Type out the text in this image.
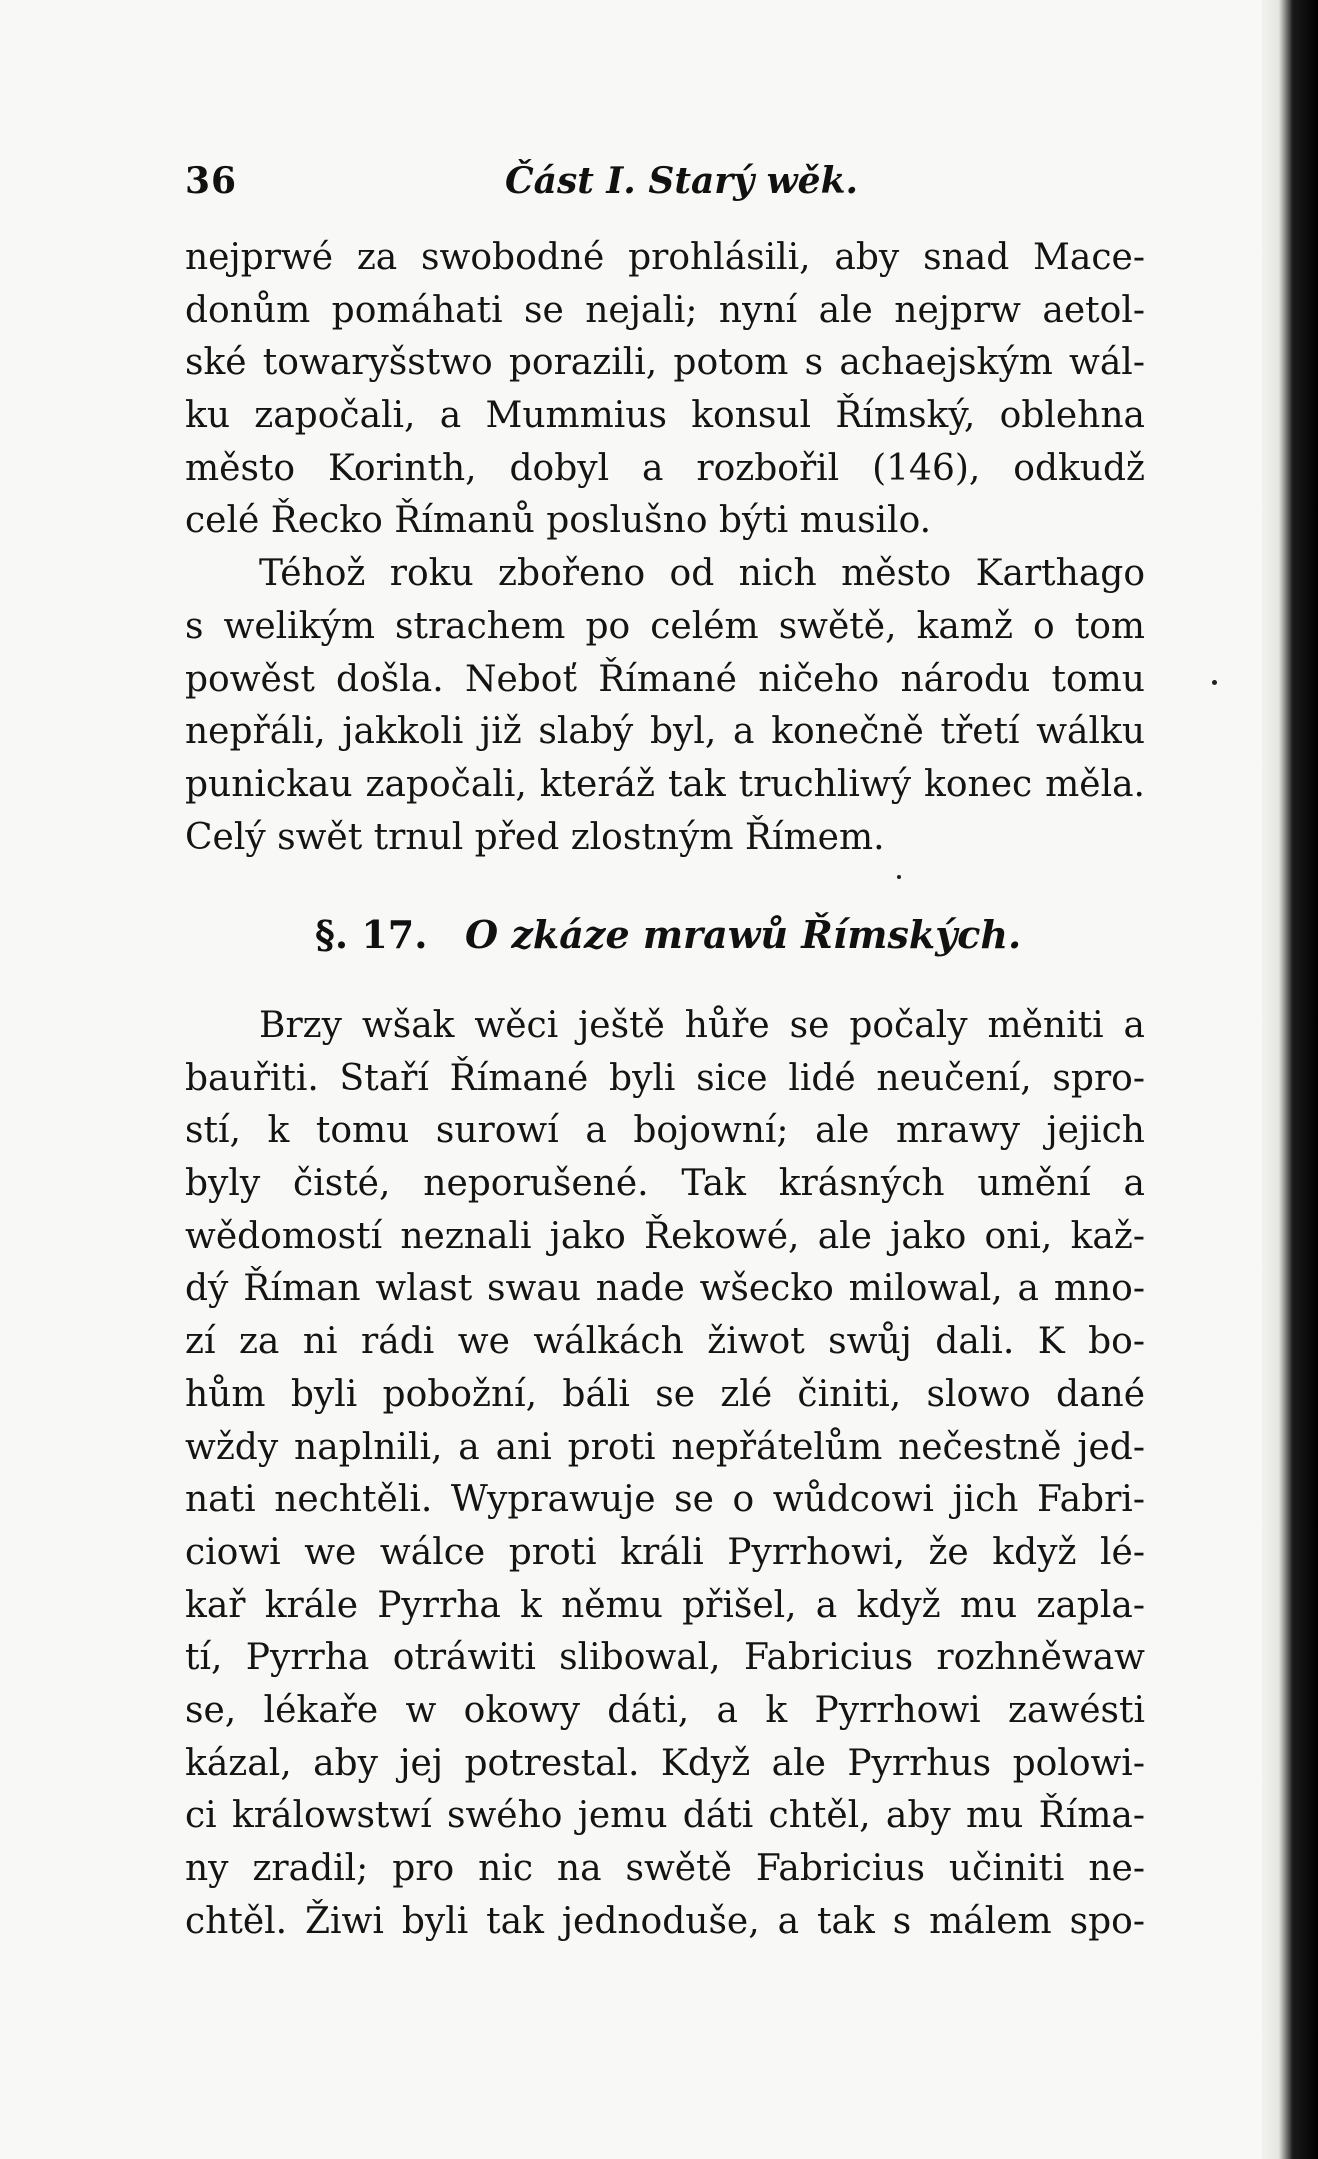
36	Část I. Starý wěk.
nejprwé za swobodné prohlásili, aby snad Mace-
donům pomáhati se nejali; nyní ale nejprw aetol-
ské towaryšstwo porazili, potom s achaejským wál-
ku započali, a Mummius konsul Římský, oblehna
město Korinth, dobyl a rozbořil (146), odkudž
celé Řecko Římanů poslušno býti musilo.
Téhož roku zbořeno od nich město Karthago
s welikým strachem po celém swětě, kamž o tom
powěst došla. Neboť Římané ničeho národu tomu
nepřáli, jakkoli již slabý byl, a konečně třetí wálku
punickau započali, kteráž tak truchliwý konec měla.
Celý swět trnul před zlostným Římem.
§. 17. O zkáze mrawů Římských.
Brzy wšak wěci ještě hůře se počaly měniti a
bauřiti. Staří Římané byli sice lidé neučení, spro-
stí, k tomu surowí a bojowní; ale mrawy jejich
byly čisté, neporušené. Tak krásných umění a
wědomostí neznali jako Řekowé, ale jako oni, kaž-
dý Říman wlast swau nade wšecko milowal, a mno-
zí za ni rádi we wálkách žiwot swůj dali. K bo-
hům byli pobožní, báli se zlé činiti, slowo dané
wždy naplnili, a ani proti nepřátelům nečestně jed-
nati nechtěli. Wyprawuje se o wůdcowi jich Fabri-
ciowi we wálce proti králi Pyrrhowi, že když lé-
kař krále Pyrrha k němu přišel, a když mu zapla-
tí, Pyrrha otráwiti slibowal, Fabricius rozhněwaw
se, lékaře w okowy dáti, a k Pyrrhowi zawésti
kázal, aby jej potrestal. Když ale Pyrrhus polowi-
ci králowstwí swého jemu dáti chtěl, aby mu Říma-
ny zradil; pro nic na swětě Fabricius učiniti ne-
chtěl. Žiwi byli tak jednoduše, a tak s málem spo-
